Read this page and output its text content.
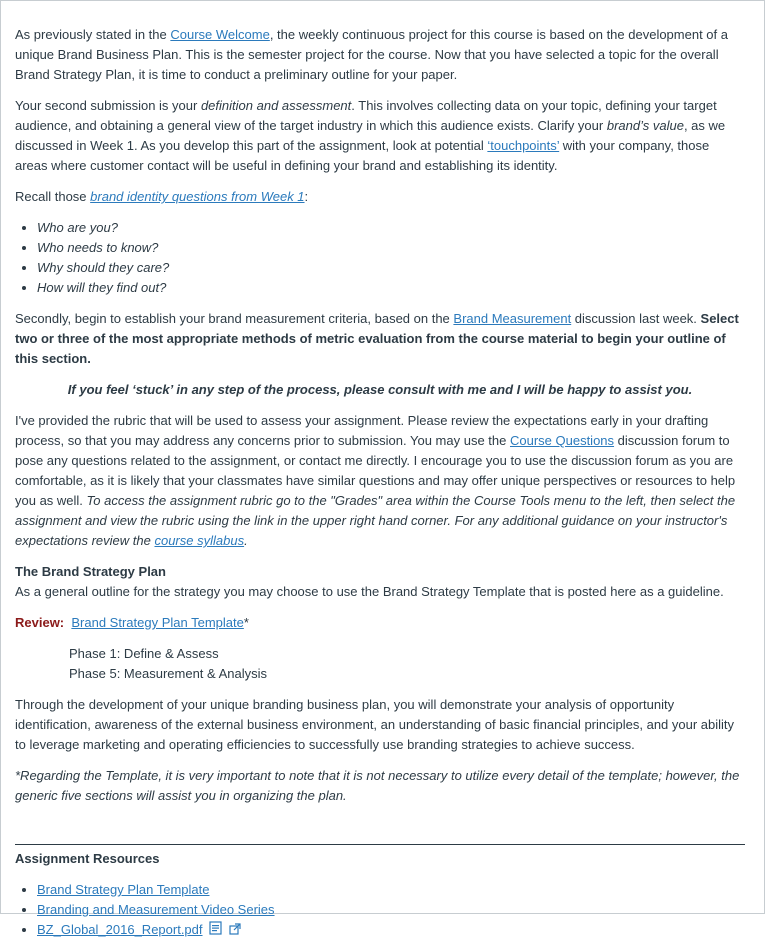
As previously stated in the Course Welcome, the weekly continuous project for this course is based on the development of a unique Brand Business Plan. This is the semester project for the course. Now that you have selected a topic for the overall Brand Strategy Plan, it is time to conduct a preliminary outline for your paper.

Your second submission is your definition and assessment. This involves collecting data on your topic, defining your target audience, and obtaining a general view of the target industry in which this audience exists. Clarify your brand’s value, as we discussed in Week 1. As you develop this part of the assignment, look at potential ‘touchpoints’ with your company, those areas where customer contact will be useful in defining your brand and establishing its identity.

Recall those brand identity questions from Week 1:

• Who are you?
• Who needs to know?
• Why should they care?
• How will they find out?

Secondly, begin to establish your brand measurement criteria, based on the Brand Measurement discussion last week. Select two or three of the most appropriate methods of metric evaluation from the course material to begin your outline of this section.

If you feel ‘stuck’ in any step of the process, please consult with me and I will be happy to assist you.

I've provided the rubric that will be used to assess your assignment. Please review the expectations early in your drafting process, so that you may address any concerns prior to submission. You may use the Course Questions discussion forum to pose any questions related to the assignment, or contact me directly. I encourage you to use the discussion forum as you are comfortable, as it is likely that your classmates have similar questions and may offer unique perspectives or resources to help you as well. To access the assignment rubric go to the "Grades" area within the Course Tools menu to the left, then select the assignment and view the rubric using the link in the upper right hand corner. For any additional guidance on your instructor's expectations review the course syllabus.

The Brand Strategy Plan
As a general outline for the strategy you may choose to use the Brand Strategy Template that is posted here as a guideline.

Review: Brand Strategy Plan Template*

Phase 1: Define & Assess
Phase 5: Measurement & Analysis

Through the development of your unique branding business plan, you will demonstrate your analysis of opportunity identification, awareness of the external business environment, an understanding of basic financial principles, and your ability to leverage marketing and operating efficiencies to successfully use branding strategies to achieve success.

*Regarding the Template, it is very important to note that it is not necessary to utilize every detail of the template; however, the generic five sections will assist you in organizing the plan.

Assignment Resources
• Brand Strategy Plan Template
• Branding and Measurement Video Series
• BZ_Global_2016_Report.pdf
